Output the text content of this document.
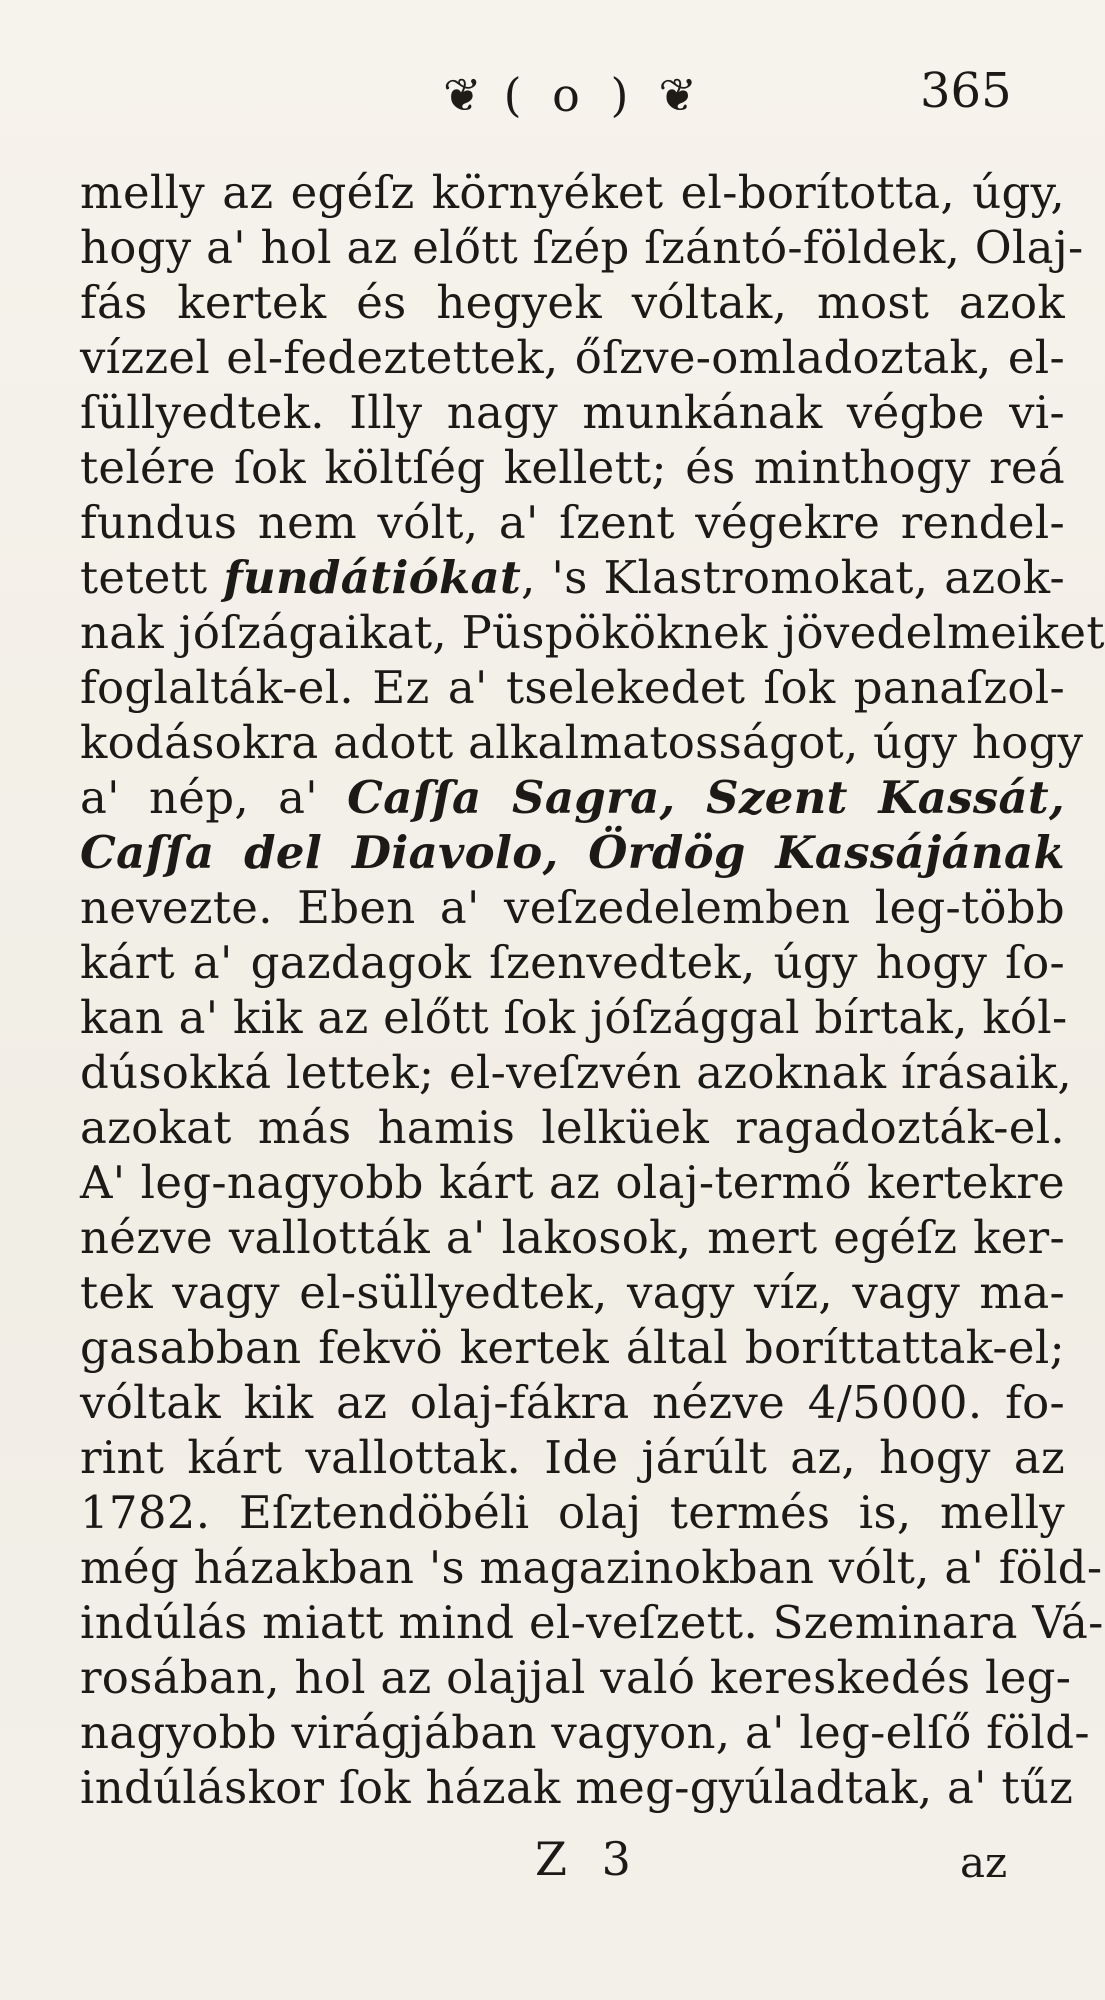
❦ ( o ) ❦	365
melly az egéſz környéket el-borította, úgy,
hogy a' hol az előtt ſzép ſzántó-földek, Olaj-
fás kertek és hegyek vóltak, most azok
vízzel el-fedeztettek, őſzve-omladoztak, el-
ſüllyedtek. Illy nagy munkának végbe vi-
telére ſok költſég kellett; és minthogy reá
fundus nem vólt, a' ſzent végekre rendel-
tetett fundátiókat, 's Klastromokat, azok-
nak jóſzágaikat, Püspököknek jövedelmeiket
foglalták-el. Ez a' tselekedet ſok panaſzol-
kodásokra adott alkalmatosságot, úgy hogy
a' nép, a' Caſſa Sagra, Szent Kassát,
Caſſa del Diavolo, Ördög Kassájának
nevezte. Eben a' veſzedelemben leg-több
kárt a' gazdagok ſzenvedtek, úgy hogy ſo-
kan a' kik az előtt ſok jóſzággal bírtak, kól-
dúsokká lettek; el-veſzvén azoknak írásaik,
azokat más hamis lelküek ragadozták-el.
A' leg-nagyobb kárt az olaj-termő kertekre
nézve vallották a' lakosok, mert egéſz ker-
tek vagy el-süllyedtek, vagy víz, vagy ma-
gasabban fekvö kertek által boríttattak-el;
vóltak kik az olaj-fákra nézve 4/5000. fo-
rint kárt vallottak. Ide járúlt az, hogy az
1782. Eſztendöbéli olaj termés is, melly
még házakban 's magazinokban vólt, a' föld-
indúlás miatt mind el-veſzett. Szeminara Vá-
rosában, hol az olajjal való kereskedés leg-
nagyobb virágjában vagyon, a' leg-elſő föld-
indúláskor ſok házak meg-gyúladtak, a' tűz
Z 3	az
